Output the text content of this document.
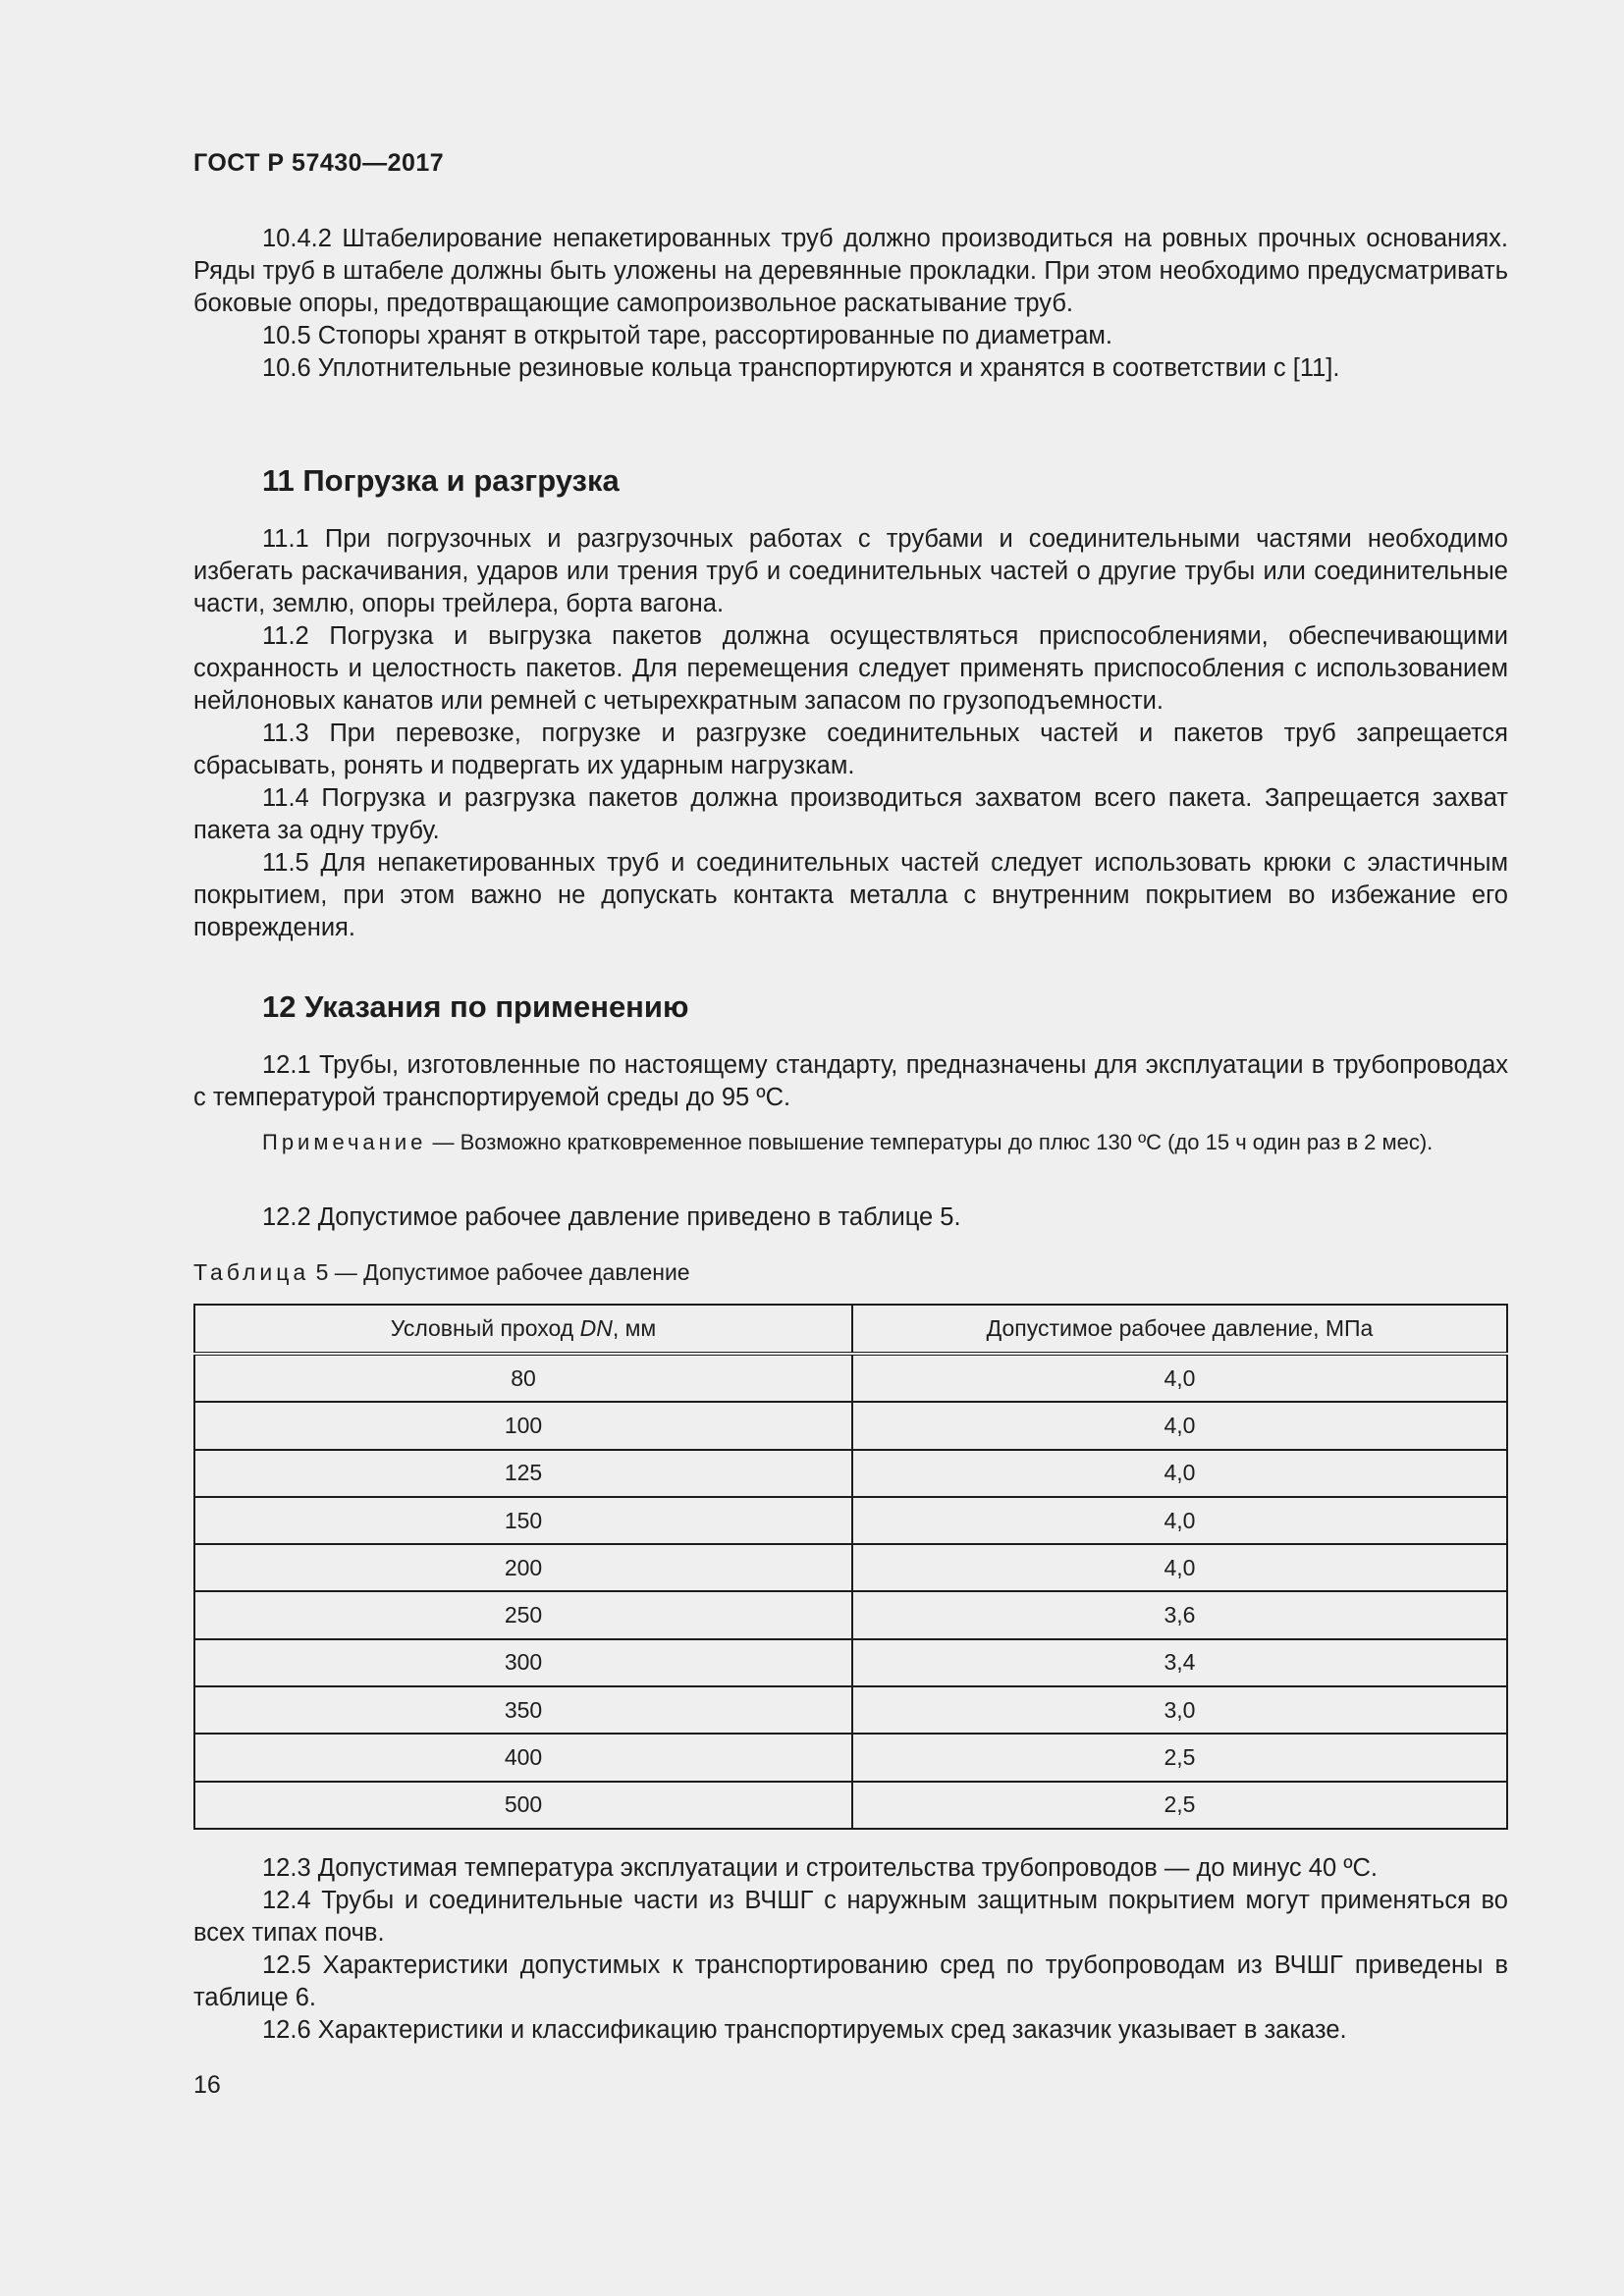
ГОСТ Р 57430—2017

10.4.2 Штабелирование непакетированных труб должно производиться на ровных прочных основаниях. Ряды труб в штабеле должны быть уложены на деревянные прокладки. При этом необходимо предусматривать боковые опоры, предотвращающие самопроизвольное раскатывание труб.

10.5 Стопоры хранят в открытой таре, рассортированные по диаметрам.

10.6 Уплотнительные резиновые кольца транспортируются и хранятся в соответствии с [11].

11 Погрузка и разгрузка

11.1 При погрузочных и разгрузочных работах с трубами и соединительными частями необходимо избегать раскачивания, ударов или трения труб и соединительных частей о другие трубы или соединительные части, землю, опоры трейлера, борта вагона.

11.2 Погрузка и выгрузка пакетов должна осуществляться приспособлениями, обеспечивающими сохранность и целостность пакетов. Для перемещения следует применять приспособления с использованием нейлоновых канатов или ремней с четырехкратным запасом по грузоподъемности.

11.3 При перевозке, погрузке и разгрузке соединительных частей и пакетов труб запрещается сбрасывать, ронять и подвергать их ударным нагрузкам.

11.4 Погрузка и разгрузка пакетов должна производиться захватом всего пакета. Запрещается захват пакета за одну трубу.

11.5 Для непакетированных труб и соединительных частей следует использовать крюки с эластичным покрытием, при этом важно не допускать контакта металла с внутренним покрытием во избежание его повреждения.

12 Указания по применению

12.1 Трубы, изготовленные по настоящему стандарту, предназначены для эксплуатации в трубопроводах с температурой транспортируемой среды до 95 ºС.

Примечание — Возможно кратковременное повышение температуры до плюс 130 ºС (до 15 ч один раз в 2 мес).

12.2 Допустимое рабочее давление приведено в таблице 5.

Таблица 5 — Допустимое рабочее давление
Условный проход DN, мм	Допустимое рабочее давление, МПа
80	4,0
100	4,0
125	4,0
150	4,0
200	4,0
250	3,6
300	3,4
350	3,0
400	2,5
500	2,5

12.3 Допустимая температура эксплуатации и строительства трубопроводов — до минус 40 ºС.

12.4 Трубы и соединительные части из ВЧШГ с наружным защитным покрытием могут применяться во всех типах почв.

12.5 Характеристики допустимых к транспортированию сред по трубопроводам из ВЧШГ приведены в таблице 6.

12.6 Характеристики и классификацию транспортируемых сред заказчик указывает в заказе.

16
